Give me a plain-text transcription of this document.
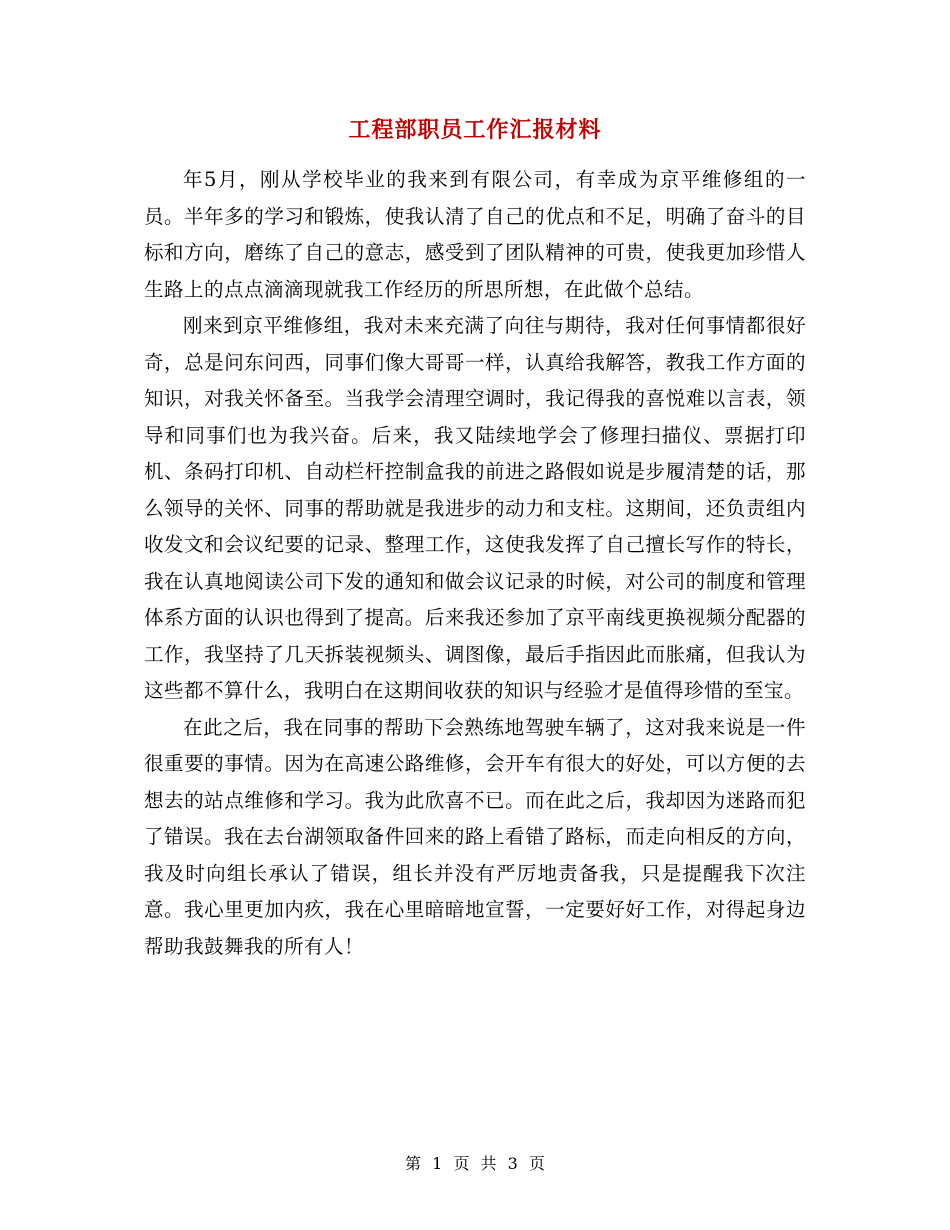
工程部职员工作汇报材料

年5月，刚从学校毕业的我来到有限公司，有幸成为京平维修组的一员。半年多的学习和锻炼，使我认清了自己的优点和不足，明确了奋斗的目标和方向，磨练了自己的意志，感受到了团队精神的可贵，使我更加珍惜人生路上的点点滴滴现就我工作经历的所思所想，在此做个总结。

刚来到京平维修组，我对未来充满了向往与期待，我对任何事情都很好奇，总是问东问西，同事们像大哥哥一样，认真给我解答，教我工作方面的知识，对我关怀备至。当我学会清理空调时，我记得我的喜悦难以言表，领导和同事们也为我兴奋。后来，我又陆续地学会了修理扫描仪、票据打印机、条码打印机、自动栏杆控制盒我的前进之路假如说是步履清楚的话，那么领导的关怀、同事的帮助就是我进步的动力和支柱。这期间，还负责组内收发文和会议纪要的记录、整理工作，这使我发挥了自己擅长写作的特长，我在认真地阅读公司下发的通知和做会议记录的时候，对公司的制度和管理体系方面的认识也得到了提高。后来我还参加了京平南线更换视频分配器的工作，我坚持了几天拆装视频头、调图像，最后手指因此而胀痛，但我认为这些都不算什么，我明白在这期间收获的知识与经验才是值得珍惜的至宝。

在此之后，我在同事的帮助下会熟练地驾驶车辆了，这对我来说是一件很重要的事情。因为在高速公路维修，会开车有很大的好处，可以方便的去想去的站点维修和学习。我为此欣喜不已。而在此之后，我却因为迷路而犯了错误。我在去台湖领取备件回来的路上看错了路标，而走向相反的方向，我及时向组长承认了错误，组长并没有严厉地责备我，只是提醒我下次注意。我心里更加内疚，我在心里暗暗地宣誓，一定要好好工作，对得起身边帮助我鼓舞我的所有人！

第 1 页 共 3 页
